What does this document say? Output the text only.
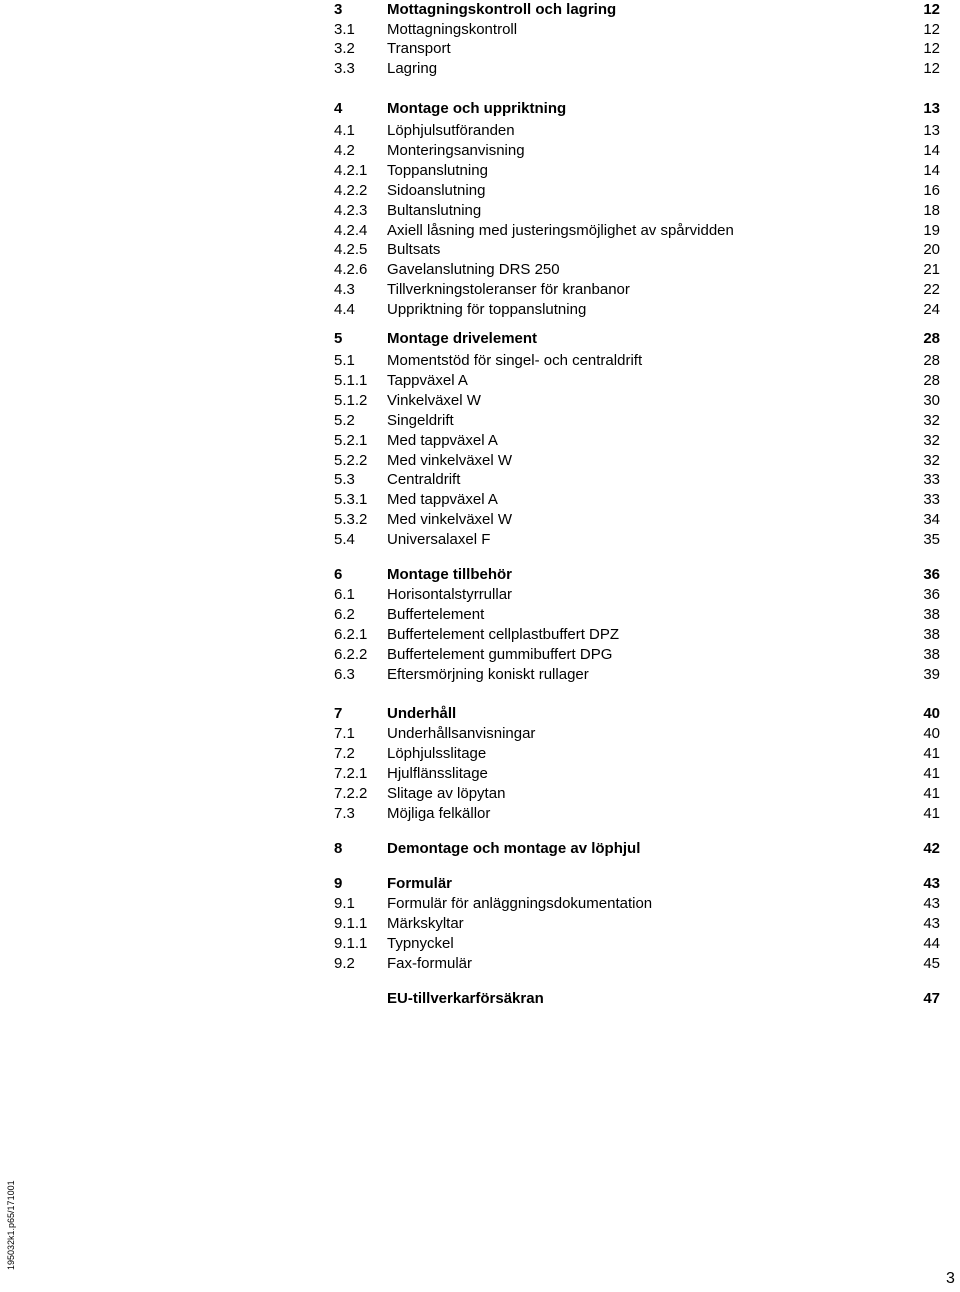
3	Mottagningskontroll och lagring	12
3.1 Mottagningskontroll	12
3.2 Transport	12
3.3 Lagring	12
4	Montage och uppriktning	13
4.1 Löphjulsutföranden	13
4.2 Monteringsanvisning	14
4.2.1 Toppanslutning	14
4.2.2 Sidoanslutning	16
4.2.3 Bultanslutning	18
4.2.4 Axiell låsning med justeringsmöjlighet av spårvidden	19
4.2.5 Bultsats	20
4.2.6 Gavelanslutning DRS 250	21
4.3 Tillverkningstoleranser för kranbanor	22
4.4 Uppriktning för toppanslutning	24
5	Montage drivelement	28
5.1 Momentstöd för singel- och centraldrift	28
5.1.1 Tappväxel A	28
5.1.2 Vinkelväxel W	30
5.2 Singeldrift	32
5.2.1 Med tappväxel A	32
5.2.2 Med vinkelväxel W	32
5.3 Centraldrift	33
5.3.1 Med tappväxel A	33
5.3.2 Med vinkelväxel W	34
5.4 Universalaxel F	35
6	Montage tillbehör	36
6.1 Horisontalstyrrullar	36
6.2 Buffertelement	38
6.2.1 Buffertelement cellplastbuffert DPZ	38
6.2.2 Buffertelement gummibuffert DPG	38
6.3 Eftersmörjning koniskt rullager	39
7	Underhåll	40
7.1 Underhållsanvisningar	40
7.2 Löphjulsslitage	41
7.2.1 Hjulflänsslitage	41
7.2.2 Slitage av löpytan	41
7.3 Möjliga felkällor	41
8	Demontage och montage av löphjul	42
9	Formulär	43
9.1 Formulär för anläggningsdokumentation	43
9.1.1 Märkskyltar	43
9.1.1 Typnyckel	44
9.2 Fax-formulär	45
EU-tillverkarförsäkran	47
195032k1.p65/171001
3
